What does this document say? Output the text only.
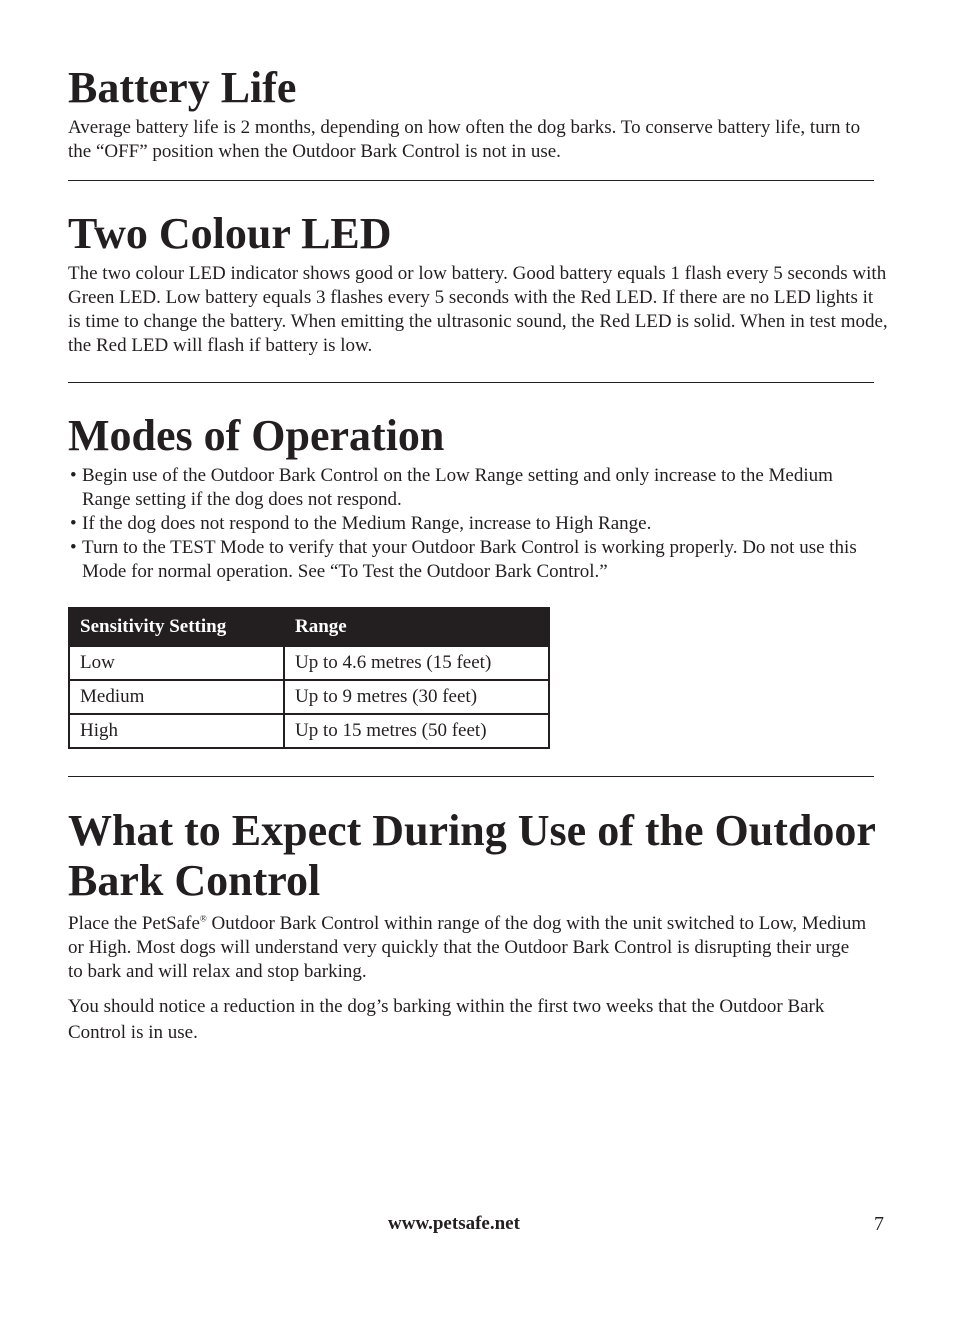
Battery Life

Average battery life is 2 months, depending on how often the dog barks. To conserve battery life, turn to the “OFF” position when the Outdoor Bark Control is not in use.

Two Colour LED

The two colour LED indicator shows good or low battery. Good battery equals 1 flash every 5 seconds with Green LED. Low battery equals 3 flashes every 5 seconds with the Red LED. If there are no LED lights it is time to change the battery. When emitting the ultrasonic sound, the Red LED is solid. When in test mode, the Red LED will flash if battery is low.

Modes of Operation
• Begin use of the Outdoor Bark Control on the Low Range setting and only increase to the Medium Range setting if the dog does not respond.
• If the dog does not respond to the Medium Range, increase to High Range.
• Turn to the TEST Mode to verify that your Outdoor Bark Control is working properly. Do not use this Mode for normal operation. See “To Test the Outdoor Bark Control.”
Sensitivity Setting	Range
Low	Up to 4.6 metres (15 feet)
Medium	Up to 9 metres (30 feet)
High	Up to 15 metres (50 feet)
What to Expect During Use of the Outdoor Bark Control

Place the PetSafe® Outdoor Bark Control within range of the dog with the unit switched to Low, Medium or High. Most dogs will understand very quickly that the Outdoor Bark Control is disrupting their urge to bark and will relax and stop barking.

You should notice a reduction in the dog’s barking within the first two weeks that the Outdoor Bark Control is in use.

www.petsafe.net	7
